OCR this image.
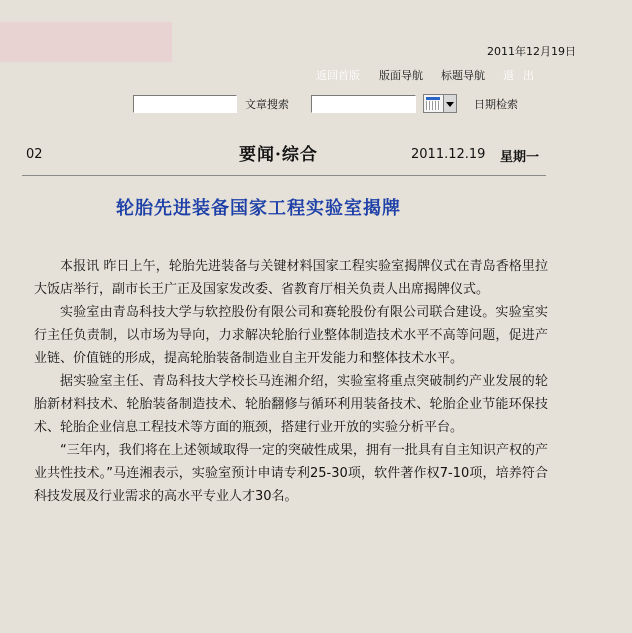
2011年12月19日
返回首版 版面导航 标题导航 退出
文章搜索	日期检索
02	要闻·综合	2011.12.19 星期一
轮胎先进装备国家工程实验室揭牌

本报讯 昨日上午，轮胎先进装备与关键材料国家工程实验室揭牌仪式在青岛香格里拉大饭店举行，副市长王广正及国家发改委、省教育厅相关负责人出席揭牌仪式。

实验室由青岛科技大学与软控股份有限公司和赛轮股份有限公司联合建设。实验室实行主任负责制，以市场为导向，力求解决轮胎行业整体制造技术水平不高等问题，促进产业链、价值链的形成，提高轮胎装备制造业自主开发能力和整体技术水平。

据实验室主任、青岛科技大学校长马连湘介绍，实验室将重点突破制约产业发展的轮胎新材料技术、轮胎装备制造技术、轮胎翻修与循环利用装备技术、轮胎企业节能环保技术、轮胎企业信息工程技术等方面的瓶颈，搭建行业开放的实验分析平台。

“三年内，我们将在上述领域取得一定的突破性成果，拥有一批具有自主知识产权的产业共性技术。”马连湘表示，实验室预计申请专利25-30项，软件著作权7-10项，培养符合科技发展及行业需求的高水平专业人才30名。
